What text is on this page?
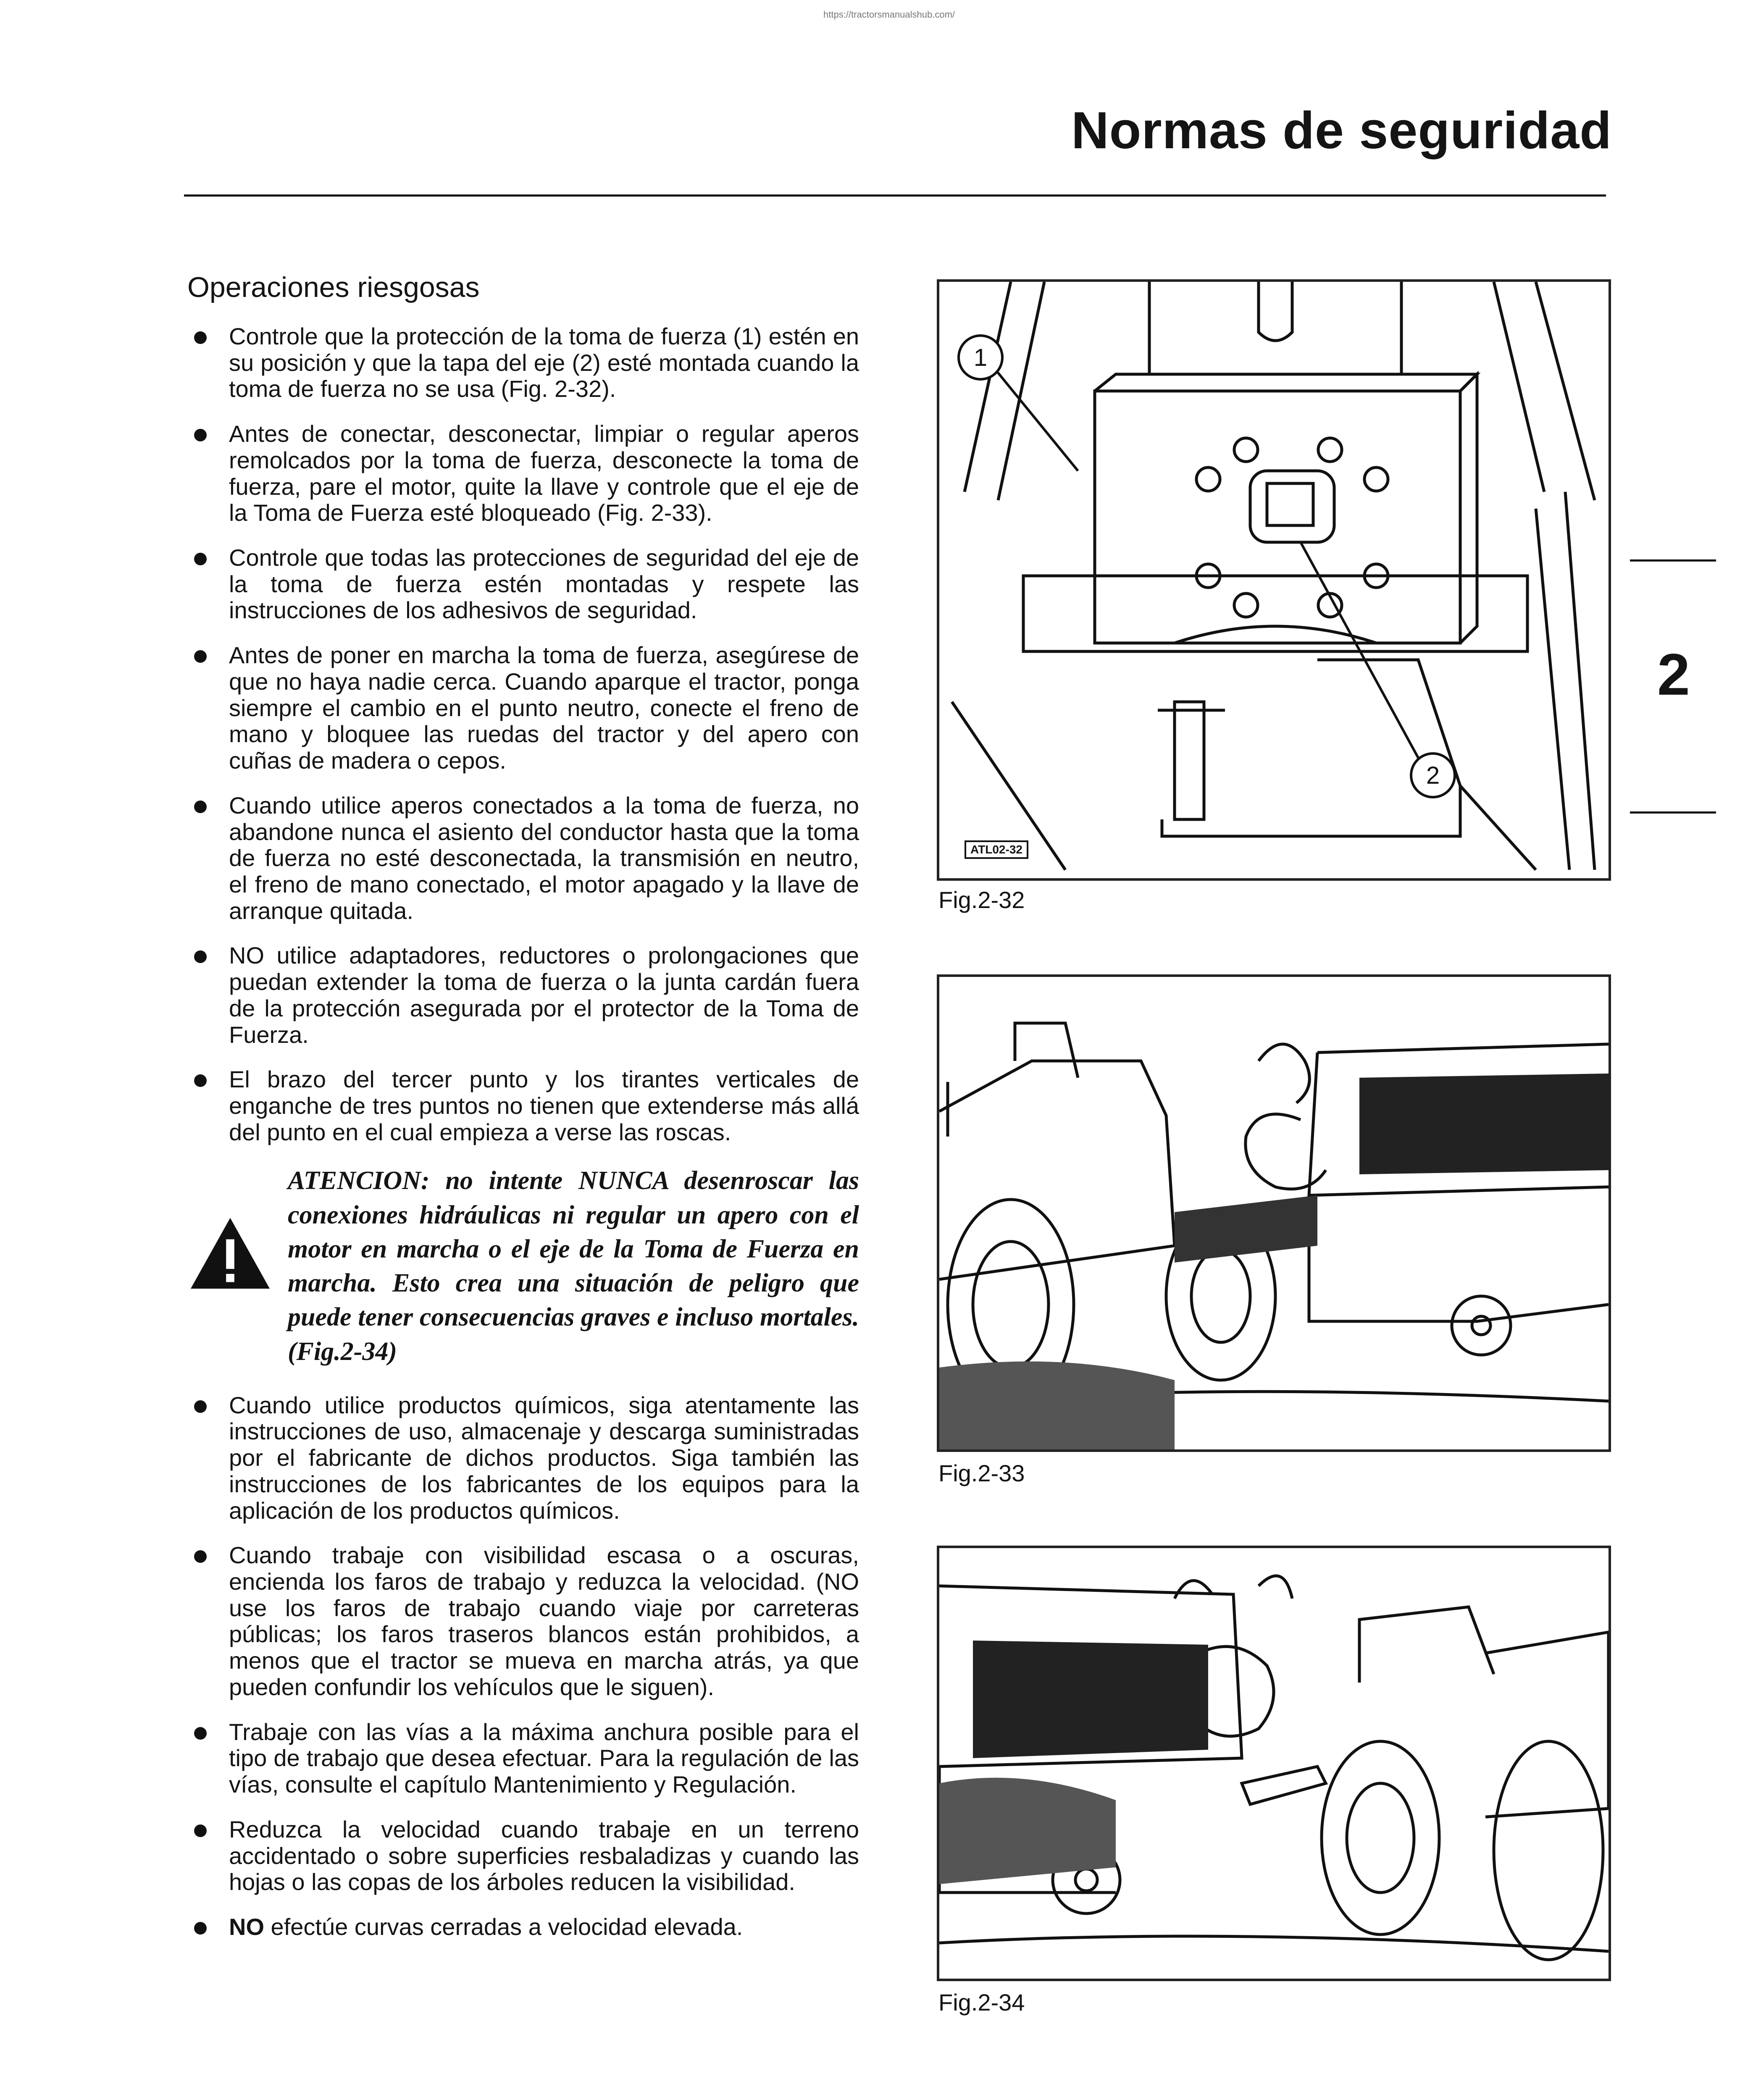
https://tractorsmanualshub.com/
Normas de seguridad
Operaciones riesgosas
Controle que la protección de la toma de fuerza (1) estén en su posición y que la tapa del eje (2) esté montada cuando la toma de fuerza no se usa (Fig. 2-32).
Antes de conectar, desconectar, limpiar o regular aperos remolcados por la toma de fuerza, desconecte la toma de fuerza, pare el motor, quite la llave y controle que el eje de la Toma de Fuerza esté bloqueado (Fig. 2-33).
Controle que todas las protecciones de seguridad del eje de la toma de fuerza estén montadas y respete las instrucciones de los adhesivos de seguridad.
Antes de poner en marcha la toma de fuerza, asegúrese de que no haya nadie cerca. Cuando aparque el tractor, ponga siempre el cambio en el punto neutro, conecte el freno de mano y bloquee las ruedas del tractor y del apero con cuñas de madera o cepos.
Cuando utilice aperos conectados a la toma de fuerza, no abandone nunca el asiento del conductor hasta que la toma de fuerza no esté desconectada, la transmisión en neutro, el freno de mano conectado, el motor apagado y la llave de arranque quitada.
NO utilice adaptadores, reductores o prolongaciones que puedan extender la toma de fuerza o la junta cardán fuera de la protección asegurada por el protector de la Toma de Fuerza.
El brazo del tercer punto y los tirantes verticales de enganche de tres puntos no tienen que extenderse más allá del punto en el cual empieza a verse las roscas.
ATENCION: no intente NUNCA desenroscar las conexiones hidráulicas ni regular un apero con el motor en marcha o el eje de la Toma de Fuerza en marcha. Esto crea una situación de peligro que puede tener consecuencias graves e incluso mortales.(Fig.2-34)
Cuando utilice productos químicos, siga atentamente las instrucciones de uso, almacenaje y descarga suministradas por el fabricante de dichos productos. Siga también las instrucciones de los fabricantes de los equipos para la aplicación de los productos químicos.
Cuando trabaje con visibilidad escasa o a oscuras, encienda los faros de trabajo y reduzca la velocidad. (NO use los faros de trabajo cuando viaje por carreteras públicas; los faros traseros blancos están prohibidos, a menos que el tractor se mueva en marcha atrás, ya que pueden confundir los vehículos que le siguen).
Trabaje con las vías a la máxima anchura posible para el tipo de trabajo que desea efectuar. Para la regulación de las vías, consulte el capítulo Mantenimiento y Regulación.
Reduzca la velocidad cuando trabaje en un terreno accidentado o sobre superficies resbaladizas y cuando las hojas o las copas de los árboles reducen la visibilidad.
NO efectúe curvas cerradas a velocidad elevada.
1
2
ATL02-32
Fig.2-32
Fig.2-33
Fig.2-34
2
